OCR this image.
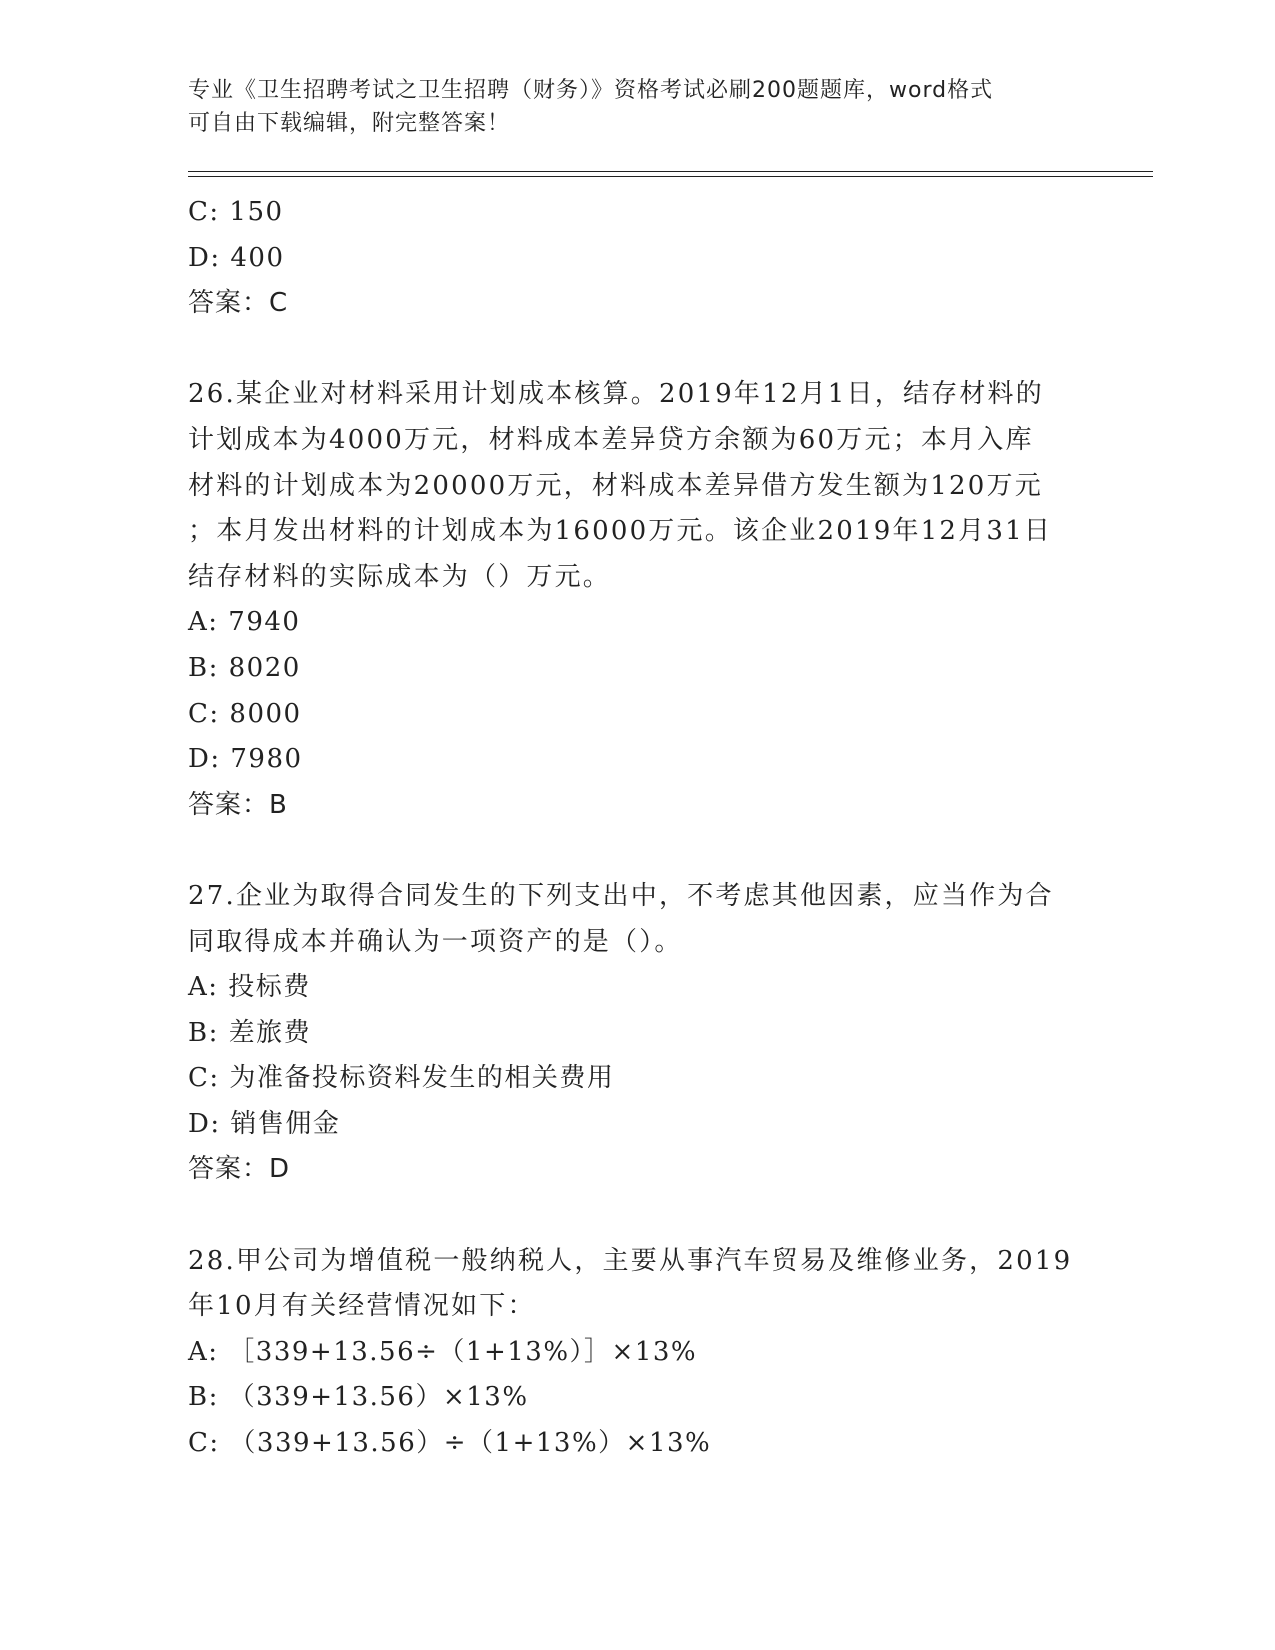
专业《卫生招聘考试之卫生招聘（财务）》资格考试必刷200题题库，word格式
可自由下载编辑，附完整答案！
C: 150
D: 400
答案：C
26.某企业对材料采用计划成本核算。2019年12月1日，结存材料的
计划成本为4000万元，材料成本差异贷方余额为60万元；本月入库
材料的计划成本为20000万元，材料成本差异借方发生额为120万元
；本月发出材料的计划成本为16000万元。该企业2019年12月31日
结存材料的实际成本为（）万元。
A: 7940
B: 8020
C: 8000
D: 7980
答案：B
27.企业为取得合同发生的下列支出中，不考虑其他因素，应当作为合
同取得成本并确认为一项资产的是（）。
A: 投标费
B: 差旅费
C: 为准备投标资料发生的相关费用
D: 销售佣金
答案：D
28.甲公司为增值税一般纳税人，主要从事汽车贸易及维修业务，2019
年10月有关经营情况如下：
A: ［339+13.56÷（1+13%）］×13%
B: （339+13.56）×13%
C: （339+13.56）÷（1+13%）×13%
